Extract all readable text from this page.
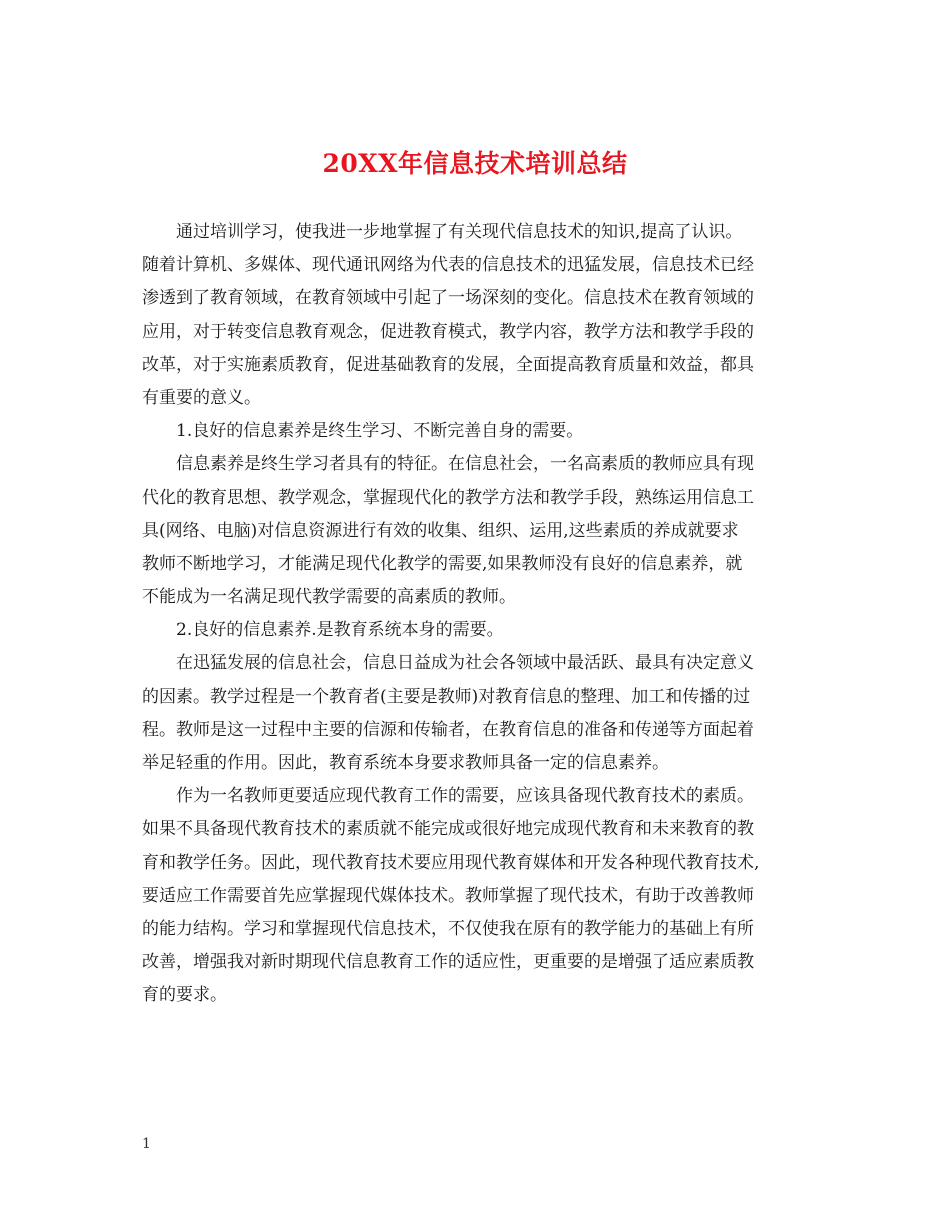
20XX年信息技术培训总结
通过培训学习，使我进一步地掌握了有关现代信息技术的知识,提高了认识。
随着计算机、多媒体、现代通讯网络为代表的信息技术的迅猛发展，信息技术已经
渗透到了教育领域，在教育领域中引起了一场深刻的变化。信息技术在教育领域的
应用，对于转变信息教育观念，促进教育模式，教学内容，教学方法和教学手段的
改革，对于实施素质教育，促进基础教育的发展，全面提高教育质量和效益，都具
有重要的意义。
1.良好的信息素养是终生学习、不断完善自身的需要。
信息素养是终生学习者具有的特征。在信息社会，一名高素质的教师应具有现
代化的教育思想、教学观念，掌握现代化的教学方法和教学手段，熟练运用信息工
具(网络、电脑)对信息资源进行有效的收集、组织、运用,这些素质的养成就要求
教师不断地学习，才能满足现代化教学的需要,如果教师没有良好的信息素养，就
不能成为一名满足现代教学需要的高素质的教师。
2.良好的信息素养.是教育系统本身的需要。
在迅猛发展的信息社会，信息日益成为社会各领域中最活跃、最具有决定意义
的因素。教学过程是一个教育者(主要是教师)对教育信息的整理、加工和传播的过
程。教师是这一过程中主要的信源和传输者，在教育信息的准备和传递等方面起着
举足轻重的作用。因此，教育系统本身要求教师具备一定的信息素养。
作为一名教师更要适应现代教育工作的需要，应该具备现代教育技术的素质。
如果不具备现代教育技术的素质就不能完成或很好地完成现代教育和未来教育的教
育和教学任务。因此，现代教育技术要应用现代教育媒体和开发各种现代教育技术,
要适应工作需要首先应掌握现代媒体技术。教师掌握了现代技术，有助于改善教师
的能力结构。学习和掌握现代信息技术，不仅使我在原有的教学能力的基础上有所
改善，增强我对新时期现代信息教育工作的适应性，更重要的是增强了适应素质教
育的要求。
1
